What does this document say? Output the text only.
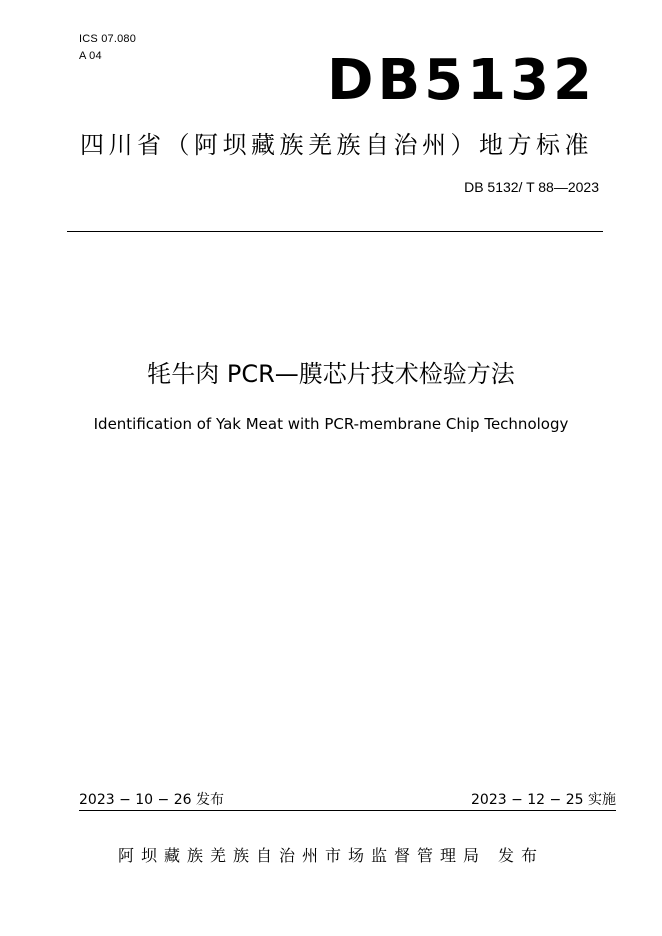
ICS 07.080
A 04	DB5132
四川省（阿坝藏族羌族自治州）地方标准
DB 5132/ T 88—2023
牦牛肉 PCR—膜芯片技术检验方法
Identification of Yak Meat with PCR-membrane Chip Technology
2023 − 10 − 26 发布	2023 − 12 − 25 实施
阿坝藏族羌族自治州市场监督管理局 发布
